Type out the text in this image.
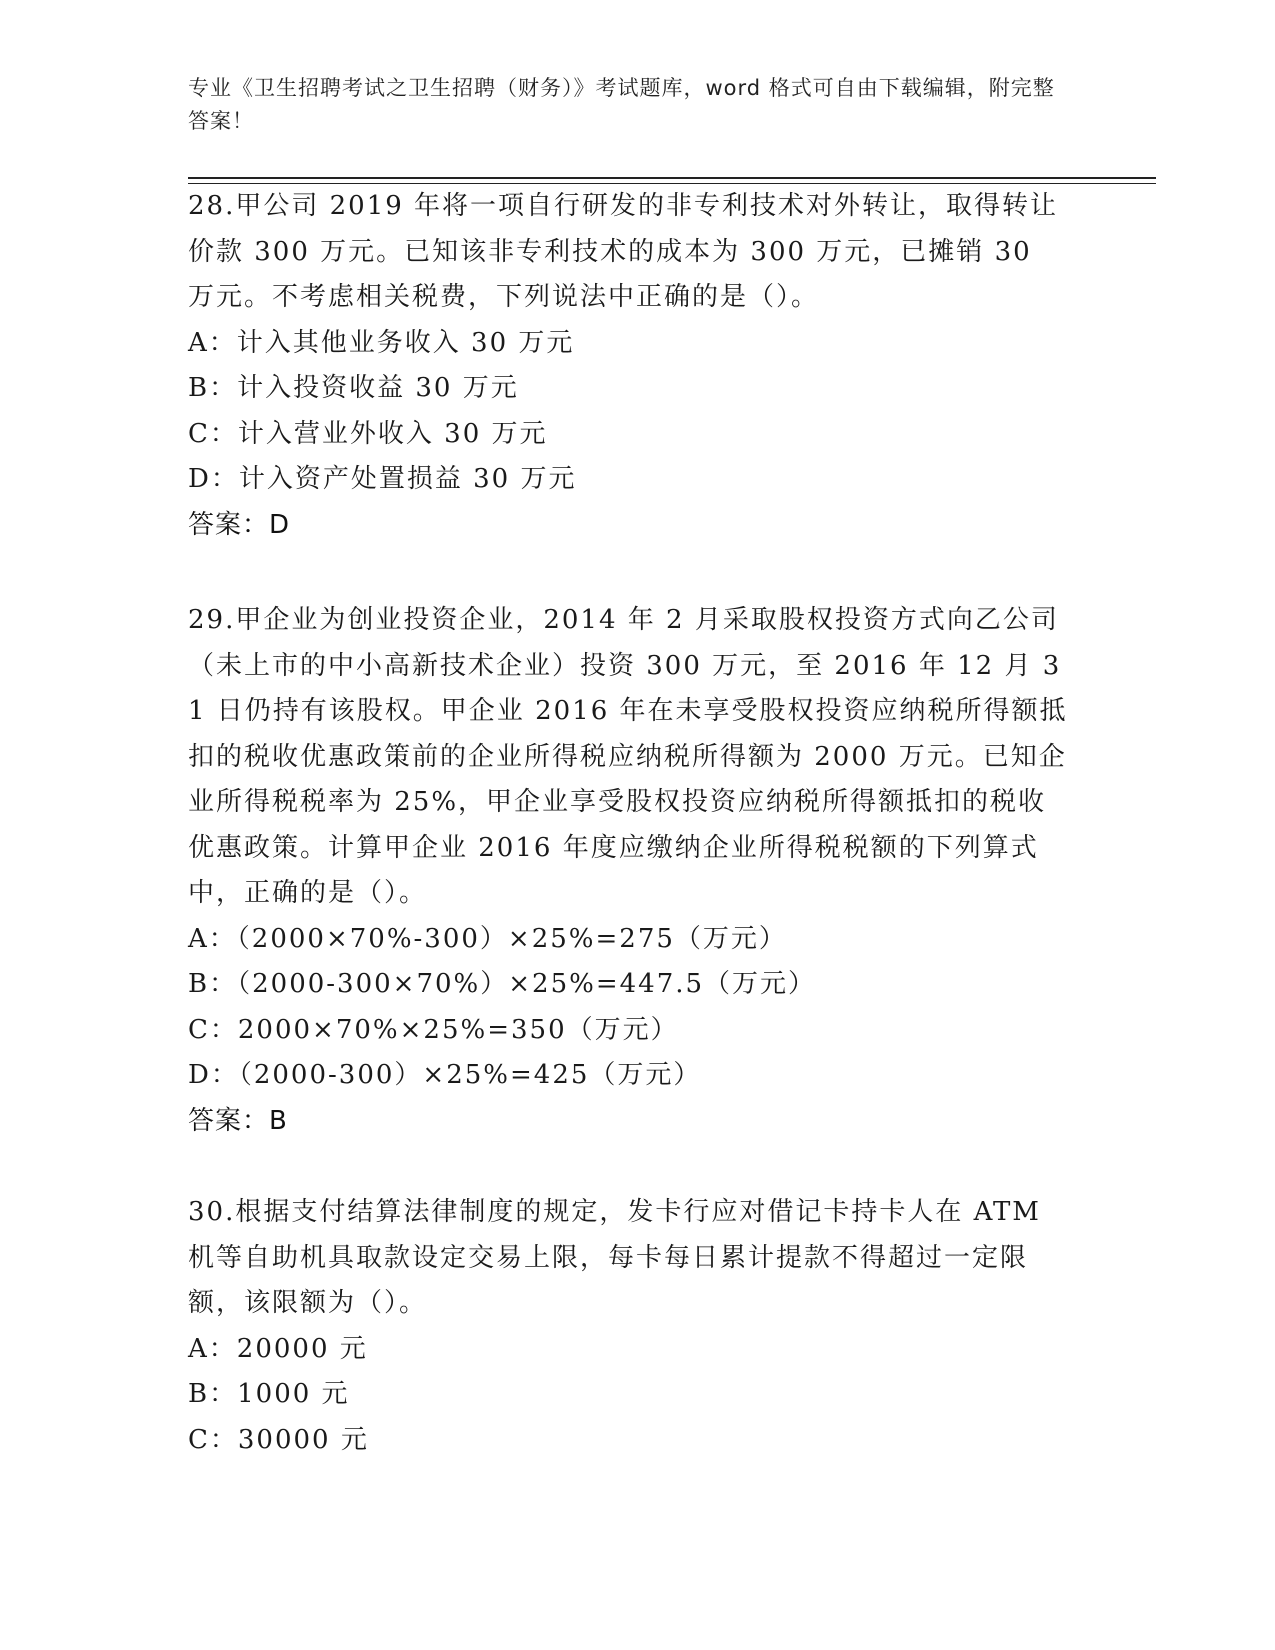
专业《卫生招聘考试之卫生招聘（财务）》考试题库，word 格式可自由下载编辑，附完整答案！

28.甲公司 2019 年将一项自行研发的非专利技术对外转让，取得转让价款 300 万元。已知该非专利技术的成本为 300 万元，已摊销 30 万元。不考虑相关税费，下列说法中正确的是（）。

A：计入其他业务收入 30 万元

B：计入投资收益 30 万元

C：计入营业外收入 30 万元

D：计入资产处置损益 30 万元

答案：D

29.甲企业为创业投资企业，2014 年 2 月采取股权投资方式向乙公司（未上市的中小高新技术企业）投资 300 万元，至 2016 年 12 月 31 日仍持有该股权。甲企业 2016 年在未享受股权投资应纳税所得额抵扣的税收优惠政策前的企业所得税应纳税所得额为 2000 万元。已知企业所得税税率为 25%，甲企业享受股权投资应纳税所得额抵扣的税收优惠政策。计算甲企业 2016 年度应缴纳企业所得税税额的下列算式中，正确的是（）。

A：（2000×70%-300）×25%=275（万元）

B：（2000-300×70%）×25%=447.5（万元）

C：2000×70%×25%=350（万元）

D：（2000-300）×25%=425（万元）

答案：B

30.根据支付结算法律制度的规定，发卡行应对借记卡持卡人在 ATM 机等自助机具取款设定交易上限，每卡每日累计提款不得超过一定限额，该限额为（）。

A：20000 元

B：1000 元

C：30000 元
